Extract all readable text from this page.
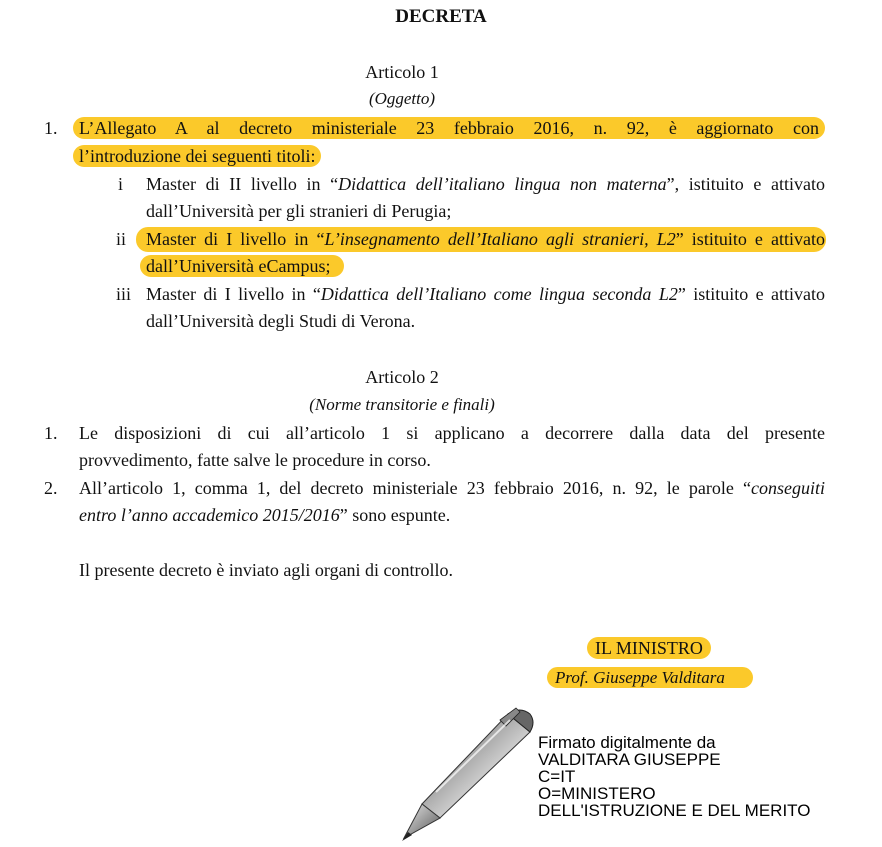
DECRETA
Articolo 1
(Oggetto)
1. L’Allegato A al decreto ministeriale 23 febbraio 2016, n. 92, è aggiornato con
l’introduzione dei seguenti titoli:
i Master di II livello in “Didattica dell’italiano lingua non materna”, istituito e attivato
dall’Università per gli stranieri di Perugia;
ii Master di I livello in “L’insegnamento dell’Italiano agli stranieri, L2” istituito e attivato
dall’Università eCampus;
iii Master di I livello in “Didattica dell’Italiano come lingua seconda L2” istituito e attivato
dall’Università degli Studi di Verona.
Articolo 2
(Norme transitorie e finali)
1. Le disposizioni di cui all’articolo 1 si applicano a decorrere dalla data del presente
provvedimento, fatte salve le procedure in corso.
2. All’articolo 1, comma 1, del decreto ministeriale 23 febbraio 2016, n. 92, le parole “conseguiti
entro l’anno accademico 2015/2016” sono espunte.
Il presente decreto è inviato agli organi di controllo.
IL MINISTRO
Prof. Giuseppe Valditara
Firmato digitalmente da
VALDITARA GIUSEPPE
C=IT
O=MINISTERO
DELL'ISTRUZIONE E DEL MERITO
